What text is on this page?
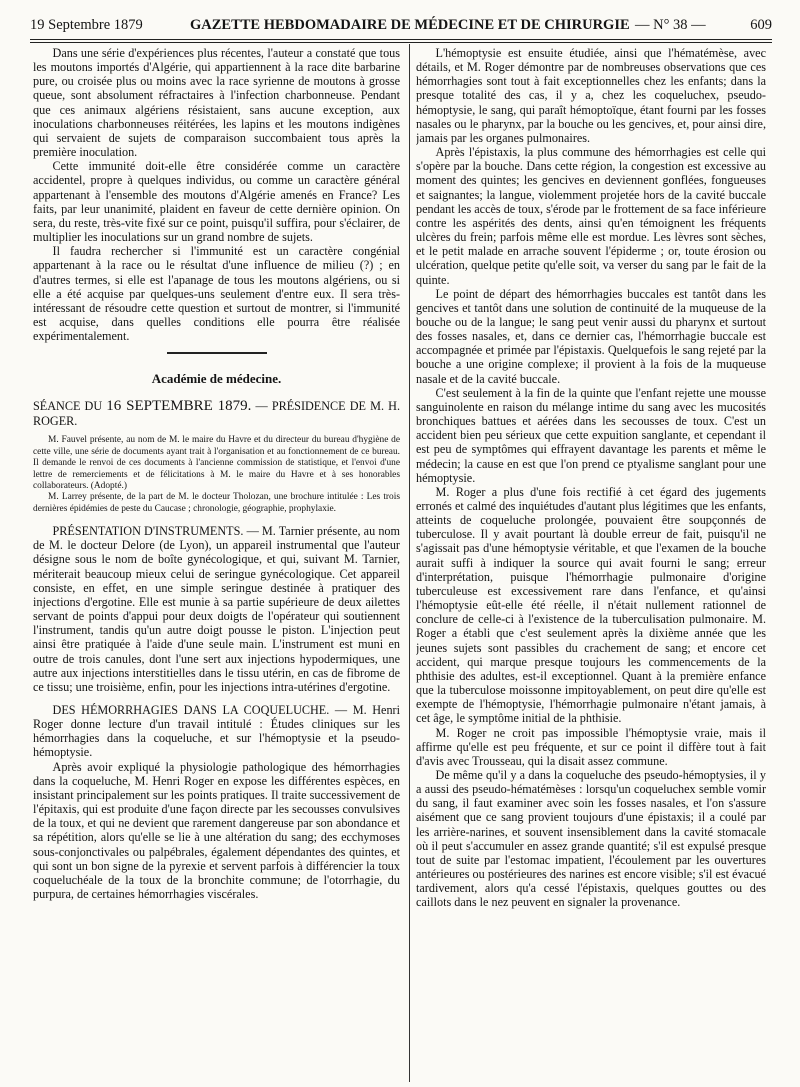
19 Septembre 1879	GAZETTE HEBDOMADAIRE DE MÉDECINE ET DE CHIRURGIE — N° 38 —	609

Dans une série d'expériences plus récentes, l'auteur a constaté que tous les moutons importés d'Algérie, qui appartiennent à la race dite barbarine pure, ou croisée plus ou moins avec la race syrienne de moutons à grosse queue, sont absolument réfractaires à l'infection charbonneuse. Pendant que ces animaux algériens résistaient, sans aucune exception, aux inoculations charbonneuses réitérées, les lapins et les moutons indigènes qui servaient de sujets de comparaison succombaient tous après la première inoculation.

Cette immunité doit-elle être considérée comme un caractère accidentel, propre à quelques individus, ou comme un caractère général appartenant à l'ensemble des moutons d'Algérie amenés en France? Les faits, par leur unanimité, plaident en faveur de cette dernière opinion. On sera, du reste, très-vite fixé sur ce point, puisqu'il suffira, pour s'éclairer, de multiplier les inoculations sur un grand nombre de sujets.

Il faudra rechercher si l'immunité est un caractère congénial appartenant à la race ou le résultat d'une influence de milieu (?) ; en d'autres termes, si elle est l'apanage de tous les moutons algériens, ou si elle a été acquise par quelques-uns seulement d'entre eux. Il sera très-intéressant de résoudre cette question et surtout de montrer, si l'immunité est acquise, dans quelles conditions elle pourra être réalisée expérimentalement.

Académie de médecine.

SÉANCE DU 16 SEPTEMBRE 1879. — PRÉSIDENCE DE M. H. ROGER.

M. Fauvel présente, au nom de M. le maire du Havre et du directeur du bureau d'hygiène de cette ville, une série de documents ayant trait à l'organisation et au fonctionnement de ce bureau. Il demande le renvoi de ces documents à l'ancienne commission de statistique, et l'envoi d'une lettre de remerciements et de félicitations à M. le maire du Havre et à ses honorables collaborateurs. (Adopté.)

M. Larrey présente, de la part de M. le docteur Tholozan, une brochure intitulée : Les trois dernières épidémies de peste du Caucase ; chronologie, géographie, prophylaxie.

PRÉSENTATION D'INSTRUMENTS. — M. Tarnier présente, au nom de M. le docteur Delore (de Lyon), un appareil instrumental que l'auteur désigne sous le nom de boîte gynécologique, et qui, suivant M. Tarnier, mériterait beaucoup mieux celui de seringue gynécologique. Cet appareil consiste, en effet, en une simple seringue destinée à pratiquer des injections d'ergotine. Elle est munie à sa partie supérieure de deux ailettes servant de points d'appui pour deux doigts de l'opérateur qui soutiennent l'instrument, tandis qu'un autre doigt pousse le piston. L'injection peut ainsi être pratiquée à l'aide d'une seule main. L'instrument est muni en outre de trois canules, dont l'une sert aux injections hypodermiques, une autre aux injections interstitielles dans le tissu utérin, en cas de fibrome de ce tissu; une troisième, enfin, pour les injections intra-utérines d'ergotine.

DES HÉMORRHAGIES DANS LA COQUELUCHE. — M. Henri Roger donne lecture d'un travail intitulé : Études cliniques sur les hémorrhagies dans la coqueluche, et sur l'hémoptysie et la pseudo-hémoptysie.

Après avoir expliqué la physiologie pathologique des hémorrhagies dans la coqueluche, M. Henri Roger en expose les différentes espèces, en insistant principalement sur les points pratiques. Il traite successivement de l'épitaxis, qui est produite d'une façon directe par les secousses convulsives de la toux, et qui ne devient que rarement dangereuse par son abondance et sa répétition, alors qu'elle se lie à une altération du sang; des ecchymoses sous-conjonctivales ou palpébrales, également dépendantes des quintes, et qui sont un bon signe de la pyrexie et servent parfois à différencier la toux coqueluchéale de la toux de la bronchite commune; de l'otorrhagie, du purpura, de certaines hémorrhagies viscérales.

L'hémoptysie est ensuite étudiée, ainsi que l'hématémèse, avec détails, et M. Roger démontre par de nombreuses observations que ces hémorrhagies sont tout à fait exceptionnelles chez les enfants; dans la presque totalité des cas, il y a, chez les coqueluchex, pseudo-hémoptysie, le sang, qui paraît hémoptoïque, étant fourni par les fosses nasales ou le pharynx, par la bouche ou les gencives, et, pour ainsi dire, jamais par les organes pulmonaires.

Après l'épistaxis, la plus commune des hémorrhagies est celle qui s'opère par la bouche. Dans cette région, la congestion est excessive au moment des quintes; les gencives en deviennent gonflées, fongueuses et saignantes; la langue, violemment projetée hors de la cavité buccale pendant les accès de toux, s'érode par le frottement de sa face inférieure contre les aspérités des dents, ainsi qu'en témoignent les fréquents ulcères du frein; parfois même elle est mordue. Les lèvres sont sèches, et le petit malade en arrache souvent l'épiderme ; or, toute érosion ou ulcération, quelque petite qu'elle soit, va verser du sang par le fait de la quinte.

Le point de départ des hémorrhagies buccales est tantôt dans les gencives et tantôt dans une solution de continuité de la muqueuse de la bouche ou de la langue; le sang peut venir aussi du pharynx et surtout des fosses nasales, et, dans ce dernier cas, l'hémorrhagie buccale est accompagnée et primée par l'épistaxis. Quelquefois le sang rejeté par la bouche a une origine complexe; il provient à la fois de la muqueuse nasale et de la cavité buccale.

C'est seulement à la fin de la quinte que l'enfant rejette une mousse sanguinolente en raison du mélange intime du sang avec les mucosités bronchiques battues et aérées dans les secousses de toux. C'est un accident bien peu sérieux que cette expuition sanglante, et cependant il est peu de symptômes qui effrayent davantage les parents et même le médecin; la cause en est que l'on prend ce ptyalisme sanglant pour une hémoptysie.

M. Roger a plus d'une fois rectifié à cet égard des jugements erronés et calmé des inquiétudes d'autant plus légitimes que les enfants, atteints de coqueluche prolongée, pouvaient être soupçonnés de tuberculose. Il y avait pourtant là double erreur de fait, puisqu'il ne s'agissait pas d'une hémoptysie véritable, et que l'examen de la bouche aurait suffi à indiquer la source qui avait fourni le sang; erreur d'interprétation, puisque l'hémorrhagie pulmonaire d'origine tuberculeuse est excessivement rare dans l'enfance, et qu'ainsi l'hémoptysie eût-elle été réelle, il n'était nullement rationnel de conclure de celle-ci à l'existence de la tuberculisation pulmonaire. M. Roger a établi que c'est seulement après la dixième année que les jeunes sujets sont passibles du crachement de sang; et encore cet accident, qui marque presque toujours les commencements de la phthisie des adultes, est-il exceptionnel. Quant à la première enfance que la tuberculose moissonne impitoyablement, on peut dire qu'elle est exempte de l'hémoptysie, l'hémorrhagie pulmonaire n'étant jamais, à cet âge, le symptôme initial de la phthisie.

M. Roger ne croit pas impossible l'hémoptysie vraie, mais il affirme qu'elle est peu fréquente, et sur ce point il diffère tout à fait d'avis avec Trousseau, qui la disait assez commune.

De même qu'il y a dans la coqueluche des pseudo-hémoptysies, il y a aussi des pseudo-hématémèses : lorsqu'un coqueluchex semble vomir du sang, il faut examiner avec soin les fosses nasales, et l'on s'assure aisément que ce sang provient toujours d'une épistaxis; il a coulé par les arrière-narines, et souvent insensiblement dans la cavité stomacale où il peut s'accumuler en assez grande quantité; s'il est expulsé presque tout de suite par l'estomac impatient, l'écoulement par les ouvertures antérieures ou postérieures des narines est encore visible; s'il est évacué tardivement, alors qu'a cessé l'épistaxis, quelques gouttes ou des caillots dans le nez peuvent en signaler la provenance.
